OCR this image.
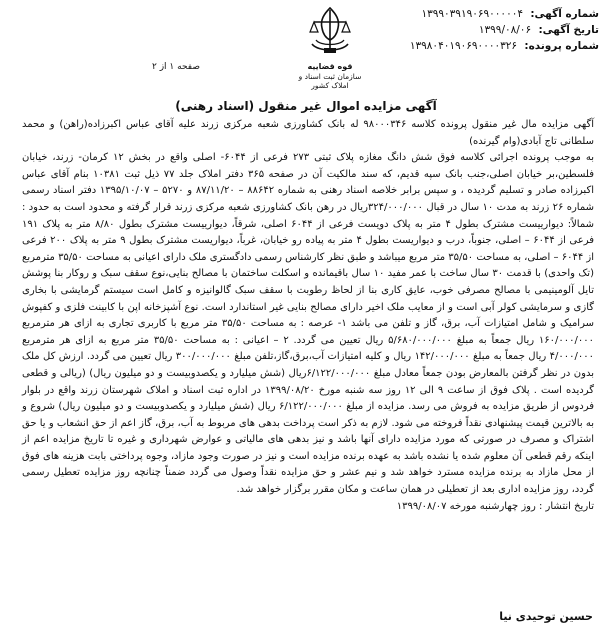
شماره آگهی: ۱۳۹۹۰۳۹۱۹۰۶۹۰۰۰۰۰۴
تاریخ آگهی: ۱۳۹۹/۰۸/۰۶
شماره پرونده: ۱۳۹۸۰۴۰۱۹۰۶۹۰۰۰۰۳۲۶
قوه قضاییه
سازمان ثبت اسناد و املاک کشور
صفحه ۱ از ۲
آگهی مزایده اموال غیر منقول (اسناد رهنی)

آگهی مزایده مال غیر منقول پرونده کلاسه ۹۸۰۰۰۳۴۶ له بانک کشاورزی شعبه مرکزی زرند علیه آقای عباس اکبرزاده(راهن) و محمد سلطانی تاج آبادی(وام گیرنده)

به موجب پرونده اجرائی کلاسه فوق شش دانگ مغازه پلاک ثبتی ۲۷۳ فرعی از ۶۰۴۴- اصلی واقع در بخش ۱۲ کرمان- زرند، خیابان فلسطین،بر خیابان اصلی،جنب بانک سپه قدیم، که سند مالکیت آن در صفحه ۳۶۵ دفتر املاک جلد ۷۷ ذیل ثبت ۱۰۳۸۱ بنام آقای عباس اکبرزاده صادر و تسلیم گردیده ، و سپس برابر خلاصه اسناد رهنی به شماره ۸۸۶۴۲ – ۸۷/۱۱/۲۰ و ۵۲۷۰ – ۱۳۹۵/۱۰/۰۷ دفتر اسناد رسمی شماره ۲۶ زرند به مدت ۱۰ سال در قبال ۳۲۴/۰۰۰/۰۰۰ریال در رهن بانک کشاورزی شعبه مرکزی زرند قرار گرفته و محدود است به حدود : شمالاً: دیوارییست مشترک بطول ۴ متر به پلاک دویست فرعی از ۶۰۴۴ اصلی، شرقاً، دیوارییست مشترک بطول ۸/۸۰ متر به پلاک ۱۹۱ فرعی از ۶۰۴۴ – اصلی، جنوباً، درب و دیواریست بطول ۴ متر به پیاده رو خیابان، غرباً، دیواریست مشترک بطول ۹ متر به پلاک ۲۰۰ فرعی از ۶۰۴۴ – اصلی، به مساحت ۳۵/۵۰ متر مربع میباشد و طبق نظر کارشناس رسمی دادگستری ملک دارای اعیانی به مساحت ۳۵/۵۰ مترمربع (تک واحدی) با قدمت ۳۰ سال ساخت با عمر مفید ۱۰ سال باقیمانده و اسکلت ساختمان با مصالح بنایی،نوع سقف سبک و روکار بنا پوشش تایل آلومینیمی با مصالح مصرفی خوب، عایق کاری بنا از لحاظ رطوبت با سقف سبک گالوانیزه و کامل است سیستم گرمایشی با بخاری گازی و سرمایشی کولر آبی است و از معایب ملک اخیر دارای مصالح بنایی غیر استاندارد است. نوع آشپزخانه اپن با کابینت فلزی و کفپوش سرامیک و شامل امتیازات آب، برق، گاز و تلفن می باشد ۱- عرصه : به مساحت ۳۵/۵۰ متر مربع با کاربری تجاری به ازای هر مترمربع ۱۶۰/۰۰۰/۰۰۰ ریال جمعاً به مبلغ ۵/۶۸۰/۰۰۰/۰۰۰ ریال تعیین می گردد. ۲ – اعیانی : به مساحت ۳۵/۵۰ متر مربع به ازای هر مترمربع ۴/۰۰۰/۰۰۰ ریال جمعاً به مبلغ ۱۴۲/۰۰۰/۰۰۰ ریال و کلیه امتیازات آب،برق،گاز،تلفن مبلغ ۳۰۰/۰۰۰/۰۰۰ ریال تعیین می گردد. ارزش کل ملک بدون در نظر گرفتن بالمعارض بودن جمعاً معادل مبلغ ۶/۱۲۲/۰۰۰/۰۰۰ریال (شش میلیارد و یکصدوبیست و دو میلیون ریال) (ریالی و قطعی گردیده است . پلاک فوق از ساعت ۹ الی ۱۲ روز سه شنبه مورخ ۱۳۹۹/۰۸/۲۰ در اداره ثبت اسناد و املاک شهرستان زرند واقع در بلوار فردوس از طریق مزایده به فروش می رسد. مزایده از مبلغ ۶/۱۲۲/۰۰۰/۰۰۰ ریال (شش میلیارد و یکصدوبیست و دو میلیون ریال) شروع و به بالاترین قیمت پیشنهادی نقداً فروخته می شود. لازم به ذکر است پرداخت بدهی های مربوط به آب، برق، گاز اعم از حق انشعاب و یا حق اشتراک و مصرف در صورتی که مورد مزایده دارای آنها باشد و نیز بدهی های مالیاتی و عوارض شهرداری و غیره تا تاریخ مزایده اعم از اینکه رقم قطعی آن معلوم شده یا نشده باشد به عهده برنده مزایده است و نیز در صورت وجود مازاد، وجوه پرداختی بابت هزینه های فوق از محل مازاد به برنده مزایده مسترد خواهد شد و نیم عشر و حق مزایده نقداً وصول می گردد ضمناً چنانچه روز مزایده تعطیل رسمی گردد، روز مزایده اداری بعد از تعطیلی در همان ساعت و مکان مقرر برگزار خواهد شد.

تاریخ انتشار : روز چهارشنبه مورخه ۱۳۹۹/۰۸/۰۷

حسین توحیدی نیا
